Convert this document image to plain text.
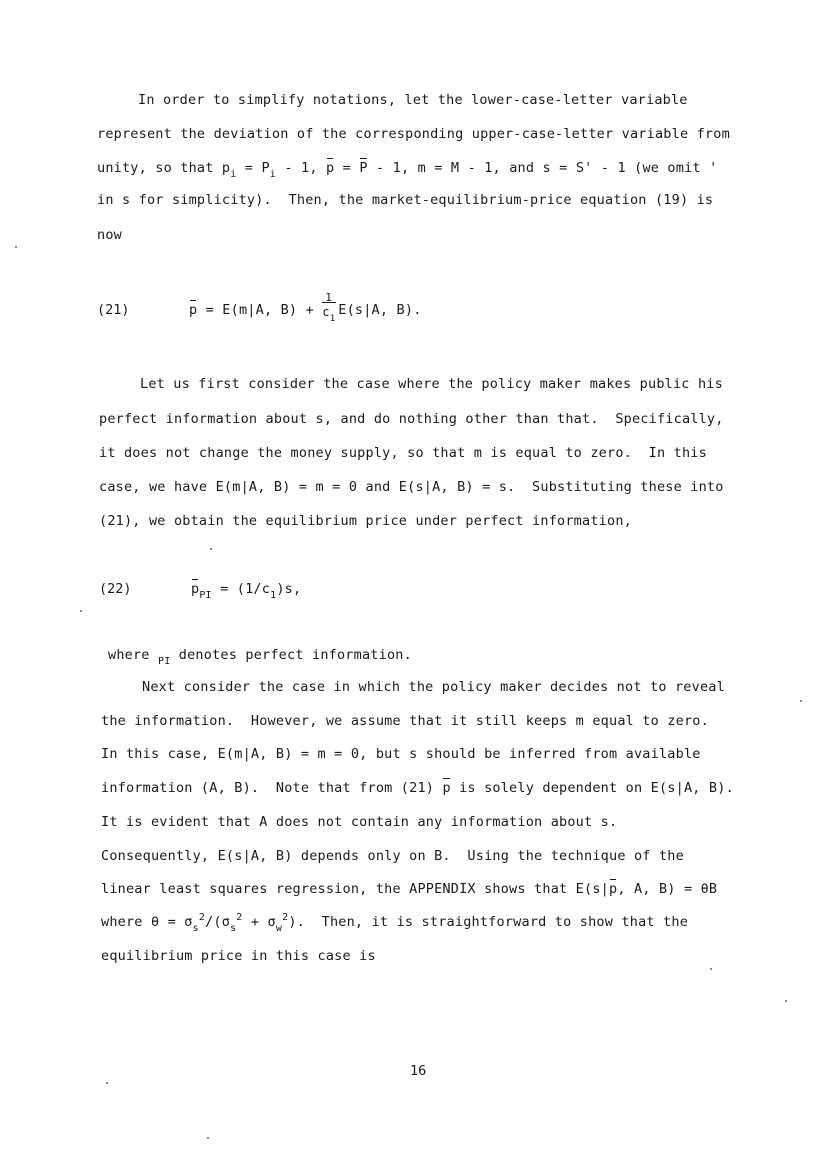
In order to simplify notations, let the lower-case-letter variable
represent the deviation of the corresponding upper-case-letter variable from
unity, so that $p_i = P_i - 1$, p = P - 1, m = M - 1, and s = S' - 1 (we omit '
in s for simplicity).  Then, the market-equilibrium-price equation (19) is
now
(21)	p = E(m|A, $B) + \frac{1}{c_1} E(s|A$, B).
Let us first consider the case where the policy maker makes public his
perfect information about s, and do nothing other than that.  Specifically,
it does not change the money supply, so that m is equal to zero.  In this
case, we have E(m|A, B) = m = 0 and E(s|A, B) = s.  Substituting these into
(21), we obtain the equilibrium price under perfect information,
(22)	$p_{PI} = (1/c_1)s$,
where $_{PI}$ denotes perfect information.
Next consider the case in which the policy maker decides not to reveal
the information.  However, we assume that it still keeps m equal to zero.
In this case, E(m|A, B) = m = 0, but s should be inferred from available
information (A, B).  Note that from (21) p is solely dependent on E(s|A, B).
It is evident that A does not contain any information about s.
Consequently, E(s|A, B) depends only on B.  Using the technique of the
linear least squares regression, the APPENDIX shows that E(s|p, A, B) = θB
where $\theta = \sigma_s^2/(\sigma_s^2 + \sigma_w^2)$.  Then, it is straightforward to show that the
equilibrium price in this case is
16
